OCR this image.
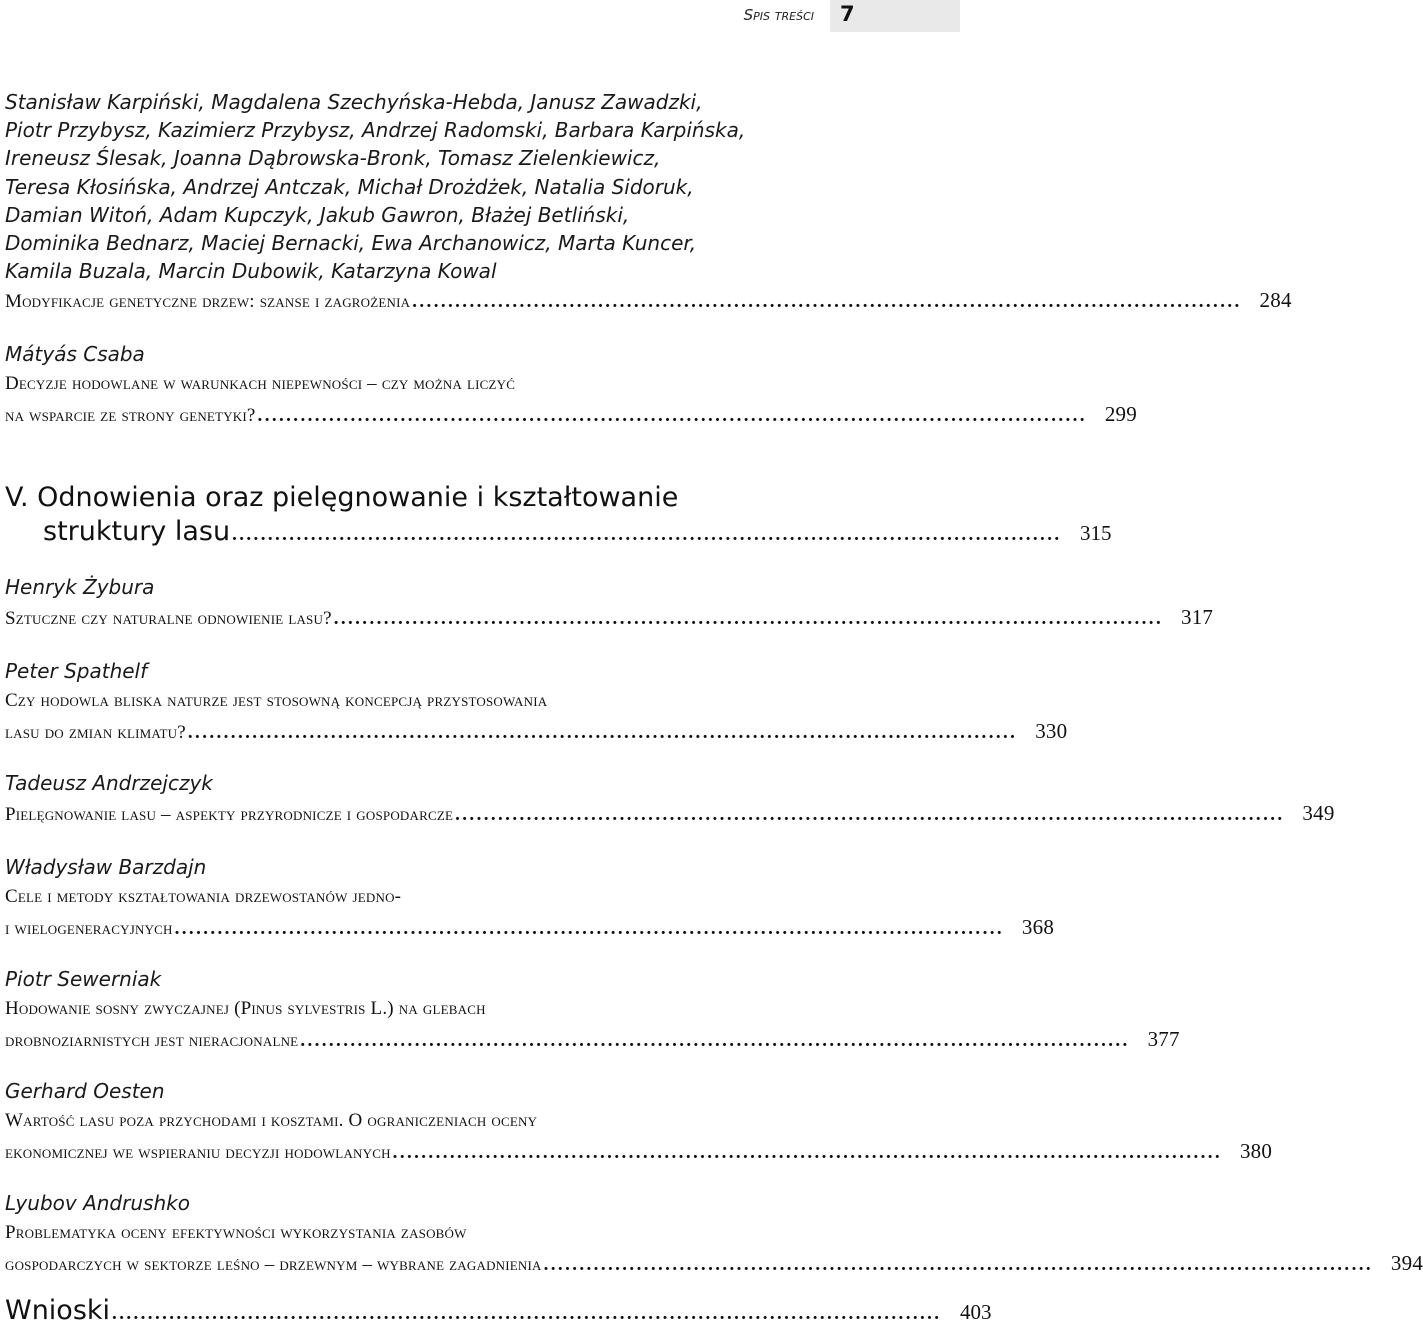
Spis treści 7
Stanisław Karpiński, Magdalena Szechyńska-Hebda, Janusz Zawadzki,
Piotr Przybysz, Kazimierz Przybysz, Andrzej Radomski, Barbara Karpińska,
Ireneusz Ślesak, Joanna Dąbrowska-Bronk, Tomasz Zielenkiewicz,
Teresa Kłosińska, Andrzej Antczak, Michał Drożdżek, Natalia Sidoruk,
Damian Witoń, Adam Kupczyk, Jakub Gawron, Błażej Betliński,
Dominika Bednarz, Maciej Bernacki, Ewa Archanowicz, Marta Kuncer,
Kamila Buzala, Marcin Dubowik, Katarzyna Kowal
Modyfikacje genetyczne drzew: szanse i zagrożenia .................................................................................................................... 284
Mátyás Csaba
Decyzje hodowlane w warunkach niepewności – czy można liczyć
na wsparcie ze strony genetyki? .................................................................................................................... 299
V. Odnowienia oraz pielęgnowanie i kształtowanie
struktury lasu .................................................................................................................... 315
Henryk Żybura
Sztuczne czy naturalne odnowienie lasu? .................................................................................................................... 317
Peter Spathelf
Czy hodowla bliska naturze jest stosowną koncepcją przystosowania
lasu do zmian klimatu? .................................................................................................................... 330
Tadeusz Andrzejczyk
Pielęgnowanie lasu – aspekty przyrodnicze i gospodarcze .................................................................................................................... 349
Władysław Barzdajn
Cele i metody kształtowania drzewostanów jedno-
i wielogeneracyjnych .................................................................................................................... 368
Piotr Sewerniak
Hodowanie sosny zwyczajnej (Pinus sylvestris L.) na glebach
drobnoziarnistych jest nieracjonalne .................................................................................................................... 377
Gerhard Oesten
Wartość lasu poza przychodami i kosztami. O ograniczeniach oceny
ekonomicznej we wspieraniu decyzji hodowlanych .................................................................................................................... 380
Lyubov Andrushko
Problematyka oceny efektywności wykorzystania zasobów
gospodarczych w sektorze leśno – drzewnym – wybrane zagadnienia .................................................................................................................... 394
Wnioski .................................................................................................................... 403
